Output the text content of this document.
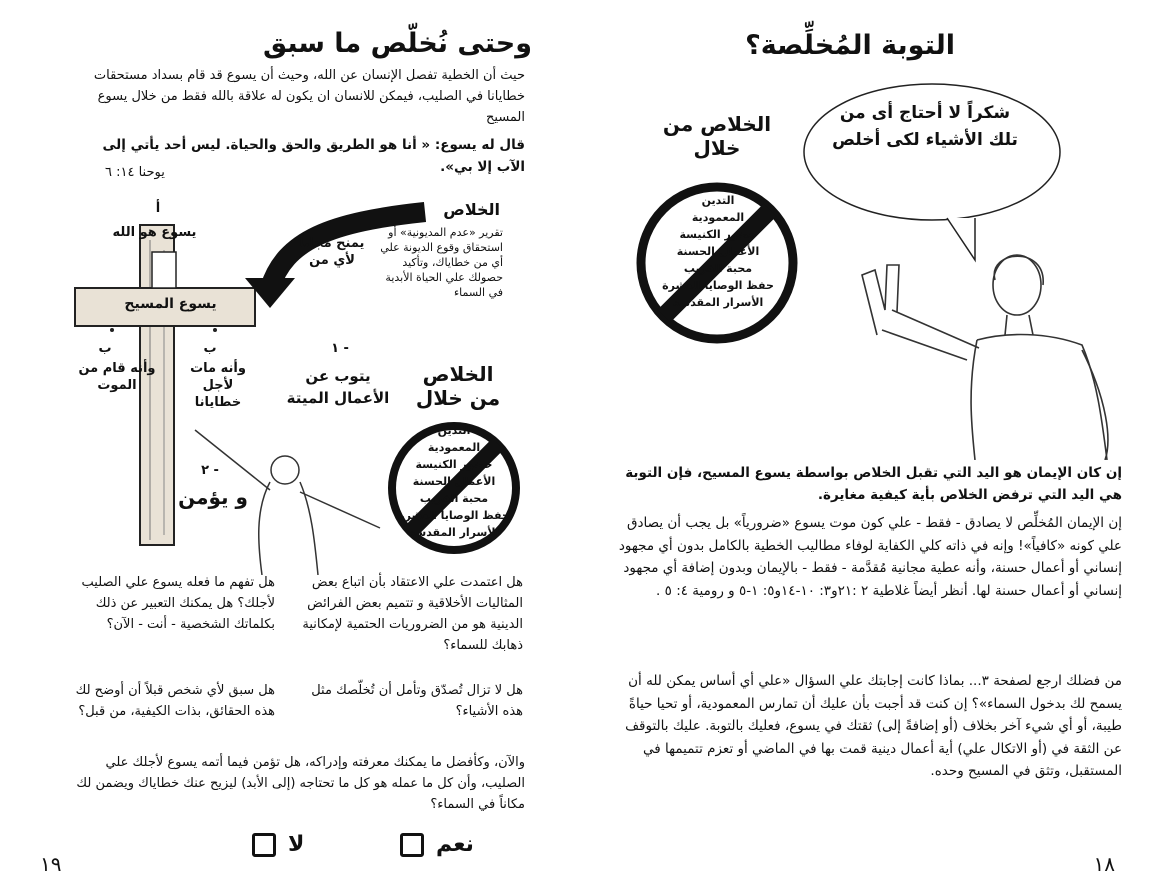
وحتى نُخلّص ما سبق
حيث أن الخطية تفصل الإنسان عن الله، وحيث أن يسوع قد قام بسداد مستحقات خطايانا في الصليب، فيمكن للانسان ان يكون له علاقة بالله فقط من خلال يسوع المسيح
قال له يسوع: « أنا هو الطريق والحق والحياة. ليس أحد يأتي إلى الآب إلا بي».
يوحنا ١٤: ٦
أ
يسوع هو الله
يسوع المسيح
ب
ب
وأنه مات لأجل خطايانا
وأنه قام من الموت
الخلاص
تقرير «عدم المديونية» أو استحقاق وقوع الديونة علي أي من خطاياك، وتأكيد حصولك علي الحياة الأبدية في السماء
يمنح مجاناً لأي من
١ -
يتوب عن الأعمال الميتة
٢ -
و يؤمن
الخلاص من خلال
التدين
المعمودية
حضور الكنيسة
الأعمال الحسنة
محبة القريب
حفظ الوصايا العشرة
الأسرار المقدسة
هل اعتمدت علي الاعتقاد بأن اتباع بعض المثاليات الأخلاقية و تتميم بعض الفرائض الدينية هو من الضروريات الحتمية لإمكانية ذهابك للسماء؟
هل تفهم ما فعله يسوع علي الصليب لأجلك؟ هل يمكنك التعبير عن ذلك بكلماتك الشخصية - أنت - الآن؟
هل لا تزال تُصدّق وتأمل أن تُخلّصك مثل هذه الأشياء؟
هل سبق لأي شخص قبلاً أن أوضح لك هذه الحقائق، بذات الكيفية، من قبل؟
والآن، وكأفضل ما يمكنك معرفته وإدراكه، هل تؤمن فيما أتمه يسوع لأجلك علي الصليب، وأن كل ما عمله هو كل ما تحتاجه (إلى الأبد) ليزيح عنك خطاياك ويضمن لك مكاناً في السماء؟
نعم
لا
١٩
التوبة المُخلِّصة؟
شكراً لا أحتاج أى من تلك الأشياء لكى أخلص
الخلاص من خلال
التدين
المعمودية
حضور الكنيسة
الأعمال الحسنة
محبة القريب
حفظ الوصايا العشرة
الأسرار المقدسة
إن كان الإيمان هو اليد التي تقبل الخلاص بواسطة يسوع المسيح، فإن التوبة هي اليد التي ترفض الخلاص بأية كيفية مغايرة.
إن الإيمان المُخلِّص لا يصادق - فقط - علي كون موت يسوع «ضرورياً» بل يجب أن يصادق علي كونه «كافياً»! وإنه في ذاته كلي الكفاية لوفاء مطاليب الخطية بالكامل بدون أي مجهود إنساني أو أعمال حسنة، وأنه عطية مجانية مُقدَّمة - فقط - بالإيمان وبدون إضافة أي مجهود إنساني أو أعمال حسنة لها. أنظر أيضاً غلاطية ٢ :٢١و٣: ١٠-١٤و٥: ١-٥ و رومية ٤: ٥ .
من فضلك ارجع لصفحة ٣... بماذا كانت إجابتك علي السؤال «علي أي أساس يمكن لله أن يسمح لك بدخول السماء»؟ إن كنت قد أجبت بأن عليك أن تمارس المعمودية، أو تحيا حياةً طيبة، أو أي شيء آخر بخلاف (أو إضافةً إلى) ثقتك في يسوع، فعليك بالتوبة. عليك بالتوقف عن الثقة في (أو الاتكال علي) أية أعمال دينية قمت بها في الماضي أو تعزم تتميمها في المستقبل، وتثق في المسيح وحده.
١٨
